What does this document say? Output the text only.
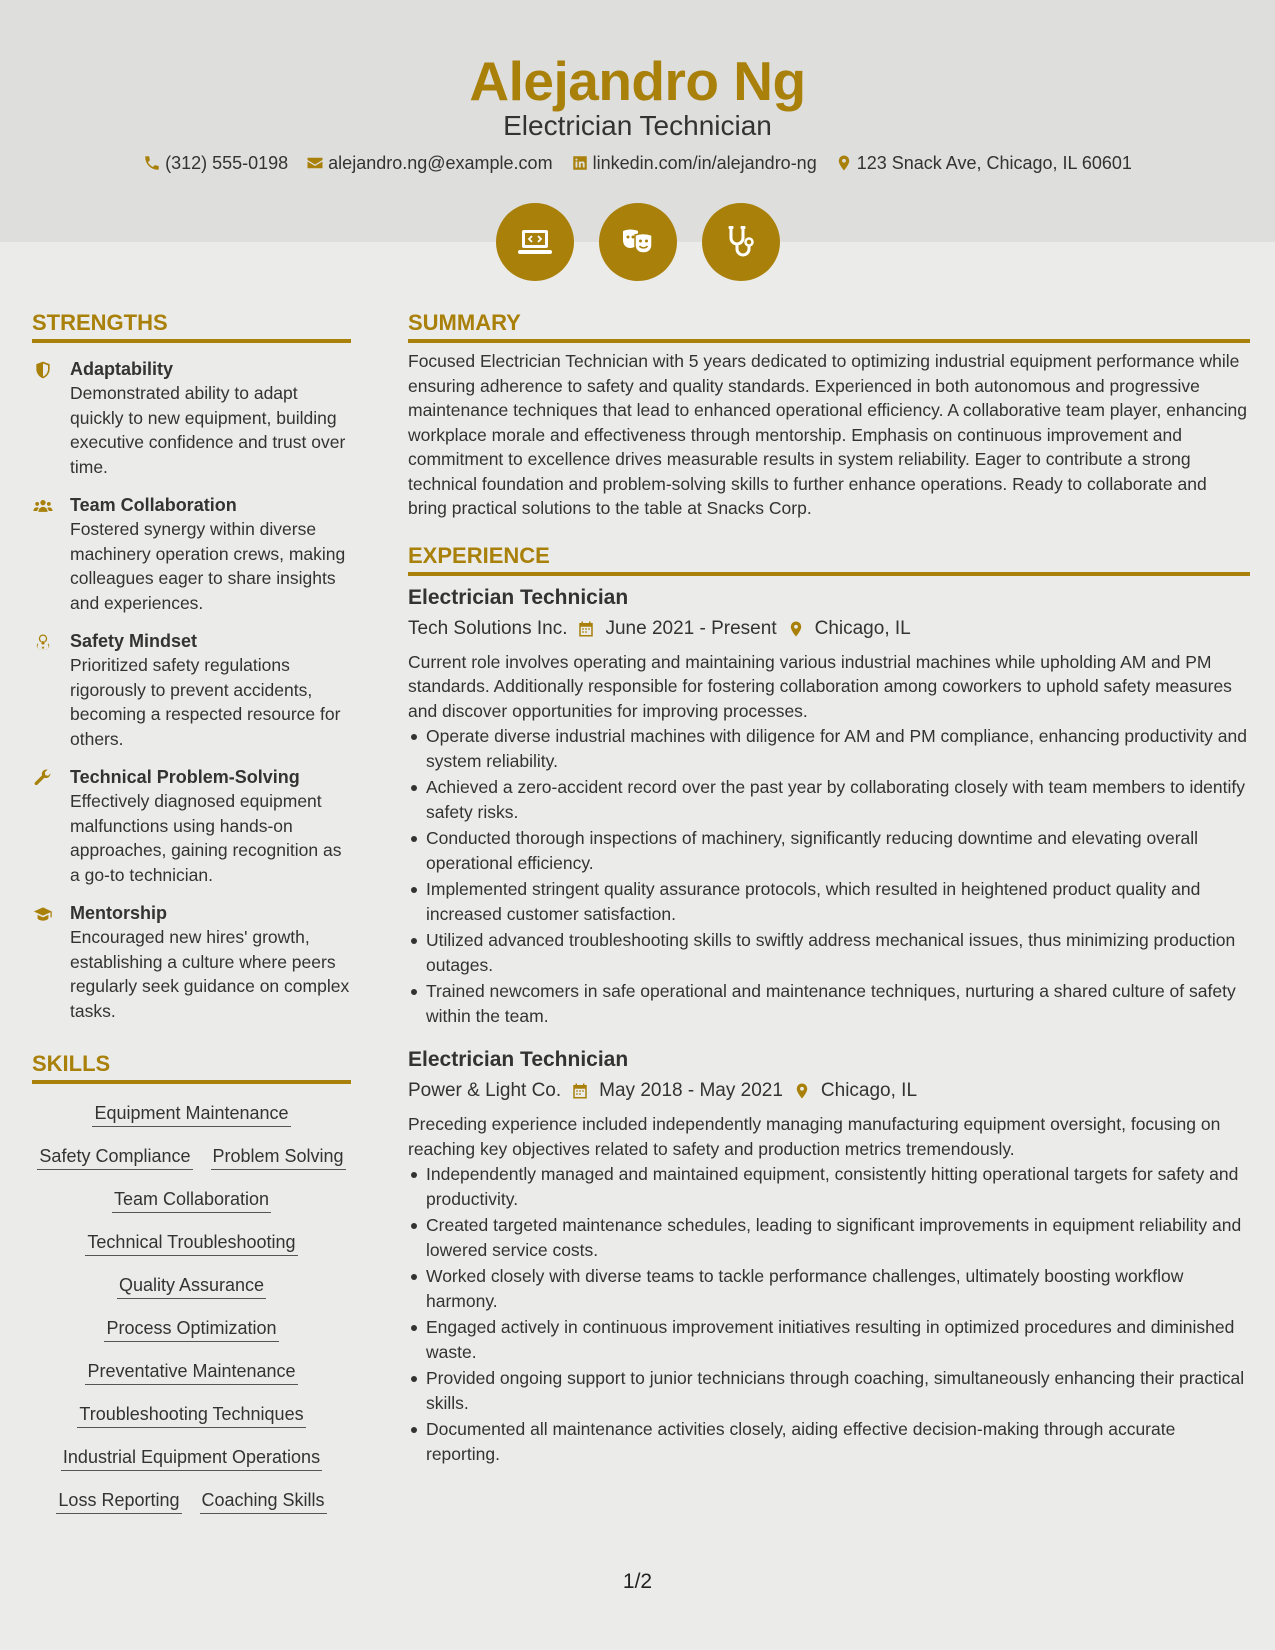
Alejandro Ng
Electrician Technician
(312) 555-0198 alejandro.ng@example.com linkedin.com/in/alejandro-ng 123 Snack Ave, Chicago, IL 60601
STRENGTHS
Adaptability
Demonstrated ability to adapt quickly to new equipment, building executive confidence and trust over time.
Team Collaboration
Fostered synergy within diverse machinery operation crews, making colleagues eager to share insights and experiences.
Safety Mindset
Prioritized safety regulations rigorously to prevent accidents, becoming a respected resource for others.
Technical Problem-Solving
Effectively diagnosed equipment malfunctions using hands-on approaches, gaining recognition as a go-to technician.
Mentorship
Encouraged new hires' growth, establishing a culture where peers regularly seek guidance on complex tasks.
SKILLS
Equipment Maintenance
Safety Compliance Problem Solving
Team Collaboration
Technical Troubleshooting
Quality Assurance
Process Optimization
Preventative Maintenance
Troubleshooting Techniques
Industrial Equipment Operations
Loss Reporting Coaching Skills
SUMMARY

Focused Electrician Technician with 5 years dedicated to optimizing industrial equipment performance while ensuring adherence to safety and quality standards. Experienced in both autonomous and progressive maintenance techniques that lead to enhanced operational efficiency. A collaborative team player, enhancing workplace morale and effectiveness through mentorship. Emphasis on continuous improvement and commitment to excellence drives measurable results in system reliability. Eager to contribute a strong technical foundation and problem-solving skills to further enhance operations. Ready to collaborate and bring practical solutions to the table at Snacks Corp.

EXPERIENCE
Electrician Technician
Tech Solutions Inc. June 2021 - Present Chicago, IL

Current role involves operating and maintaining various industrial machines while upholding AM and PM standards. Additionally responsible for fostering collaboration among coworkers to uphold safety measures and discover opportunities for improving processes.

Operate diverse industrial machines with diligence for AM and PM compliance, enhancing productivity and system reliability.
Achieved a zero-accident record over the past year by collaborating closely with team members to identify safety risks.
Conducted thorough inspections of machinery, significantly reducing downtime and elevating overall operational efficiency.
Implemented stringent quality assurance protocols, which resulted in heightened product quality and increased customer satisfaction.
Utilized advanced troubleshooting skills to swiftly address mechanical issues, thus minimizing production outages.
Trained newcomers in safe operational and maintenance techniques, nurturing a shared culture of safety within the team.
Electrician Technician
Power & Light Co. May 2018 - May 2021 Chicago, IL

Preceding experience included independently managing manufacturing equipment oversight, focusing on reaching key objectives related to safety and production metrics tremendously.

Independently managed and maintained equipment, consistently hitting operational targets for safety and productivity.
Created targeted maintenance schedules, leading to significant improvements in equipment reliability and lowered service costs.
Worked closely with diverse teams to tackle performance challenges, ultimately boosting workflow harmony.
Engaged actively in continuous improvement initiatives resulting in optimized procedures and diminished waste.
Provided ongoing support to junior technicians through coaching, simultaneously enhancing their practical skills.
Documented all maintenance activities closely, aiding effective decision-making through accurate reporting.
1/2
